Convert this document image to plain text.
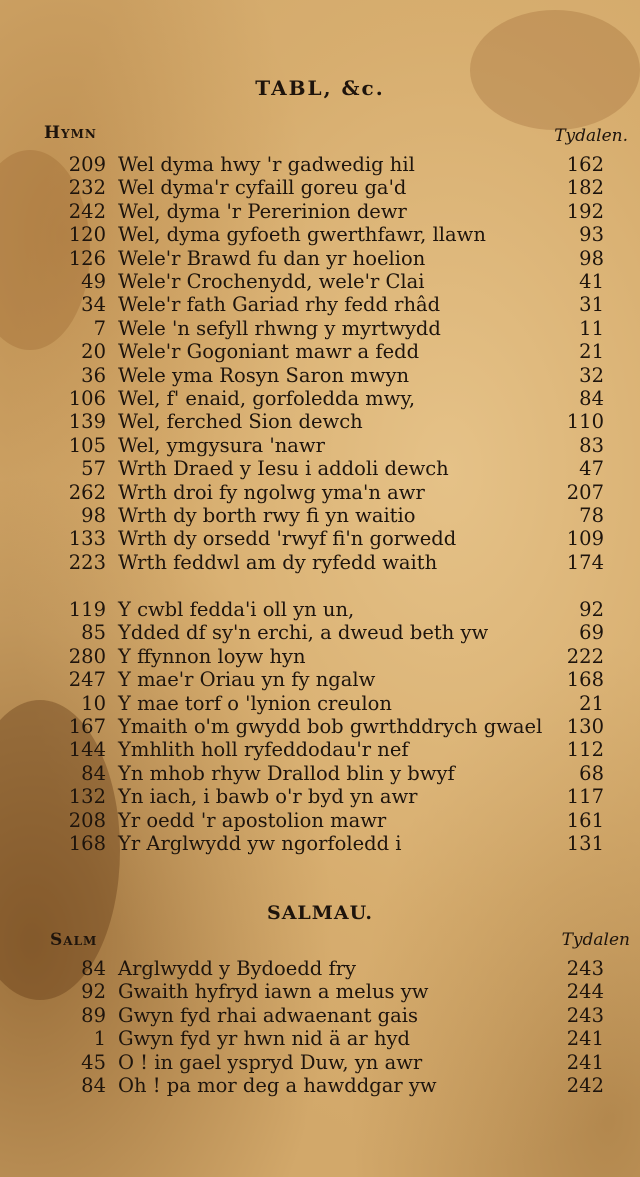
TABL, &c.
Hymn	Tydalen.
209 Wel dyma hwy 'r gadwedig hil	162
232 Wel dyma'r cyfaill goreu ga'd	182
242 Wel, dyma 'r Pererinion dewr	192
120 Wel, dyma gyfoeth gwerthfawr, llawn	93
126 Wele'r Brawd fu dan yr hoelion	98
49 Wele'r Crochenydd, wele'r Clai	41
34 Wele'r fath Gariad rhy fedd rhâd	31
7 Wele 'n sefyll rhwng y myrtwydd	11
20 Wele'r Gogoniant mawr a fedd	21
36 Wele yma Rosyn Saron mwyn	32
106 Wel, f' enaid, gorfoledda mwy,	84
139 Wel, ferched Sion dewch	110
105 Wel, ymgysura 'nawr	83
57 Wrth Draed y Iesu i addoli dewch	47
262 Wrth droi fy ngolwg yma'n awr	207
98 Wrth dy borth rwy fi yn waitio	78
133 Wrth dy orsedd 'rwyf fi'n gorwedd	109
223 Wrth feddwl am dy ryfedd waith	174
119 Y cwbl fedda'i oll yn un,	92
85 Ydded df sy'n erchi, a dweud beth yw	69
280 Y ffynnon loyw hyn	222
247 Y mae'r Oriau yn fy ngalw	168
10 Y mae torf o 'lynion creulon	21
167 Ymaith o'm gwydd bob gwrthddrych gwael 130
144 Ymhlith holl ryfeddodau'r nef	112
84 Yn mhob rhyw Drallod blin y bwyf	68
132 Yn iach, i bawb o'r byd yn awr	117
208 Yr oedd 'r apostolion mawr	161
168 Yr Arglwydd yw ngorfoledd i	131
SALMAU.
Salm	Tydalen
84 Arglwydd y Bydoedd fry	243
92 Gwaith hyfryd iawn a melus yw	244
89 Gwyn fyd rhai adwaenant gais	243
1 Gwyn fyd yr hwn nid ä ar hyd	241
45 O ! in gael yspryd Duw, yn awr	241
84 Oh ! pa mor deg a hawddgar yw	242
